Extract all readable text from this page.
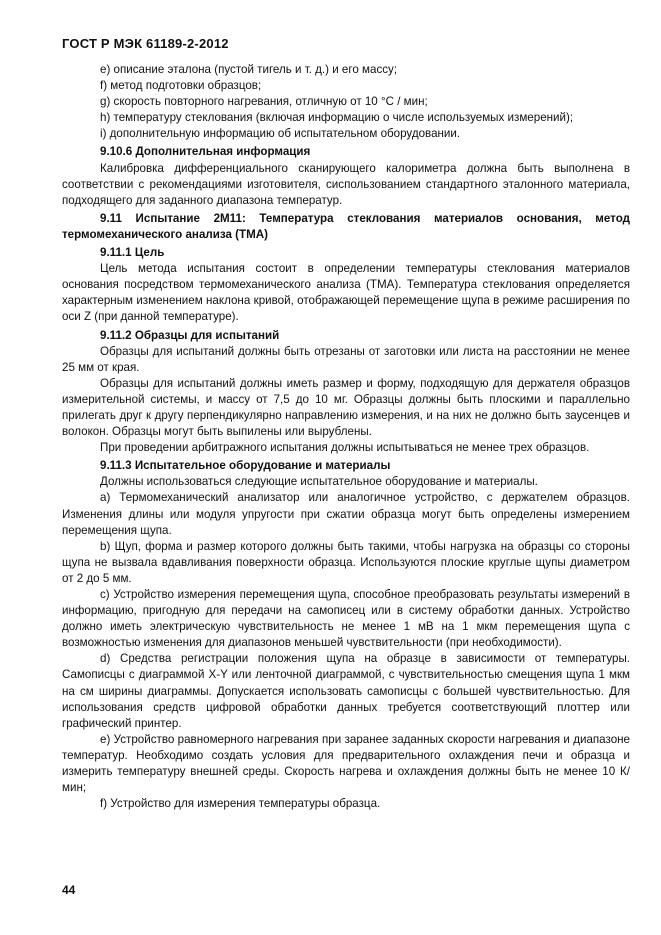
ГОСТ Р МЭК 61189-2-2012

е) описание эталона (пустой тигель и т. д.) и его массу;

f) метод подготовки образцов;

g) скорость повторного нагревания, отличную от 10 °С / мин;

h) температуру стеклования (включая информацию о числе используемых измерений);

i) дополнительную информацию об испытательном оборудовании.

9.10.6 Дополнительная информация

Калибровка дифференциального сканирующего калориметра должна быть выполнена в соответствии с рекомендациями изготовителя, сиспользованием стандартного эталонного материала, подходящего для заданного диапазона температур.

9.11 Испытание 2М11: Температура стеклования материалов основания, метод термомеханического анализа (ТМА)

9.11.1 Цель

Цель метода испытания состоит в определении температуры стеклования материалов основания посредством термомеханического анализа (ТМА). Температура стеклования определяется характерным изменением наклона кривой, отображающей перемещение щупа в режиме расширения по оси Z (при данной температуре).

9.11.2 Образцы для испытаний

Образцы для испытаний должны быть отрезаны от заготовки или листа на расстоянии не менее 25 мм от края.

Образцы для испытаний должны иметь размер и форму, подходящую для держателя образцов измерительной системы, и массу от 7,5 до 10 мг. Образцы должны быть плоскими и параллельно прилегать друг к другу перпендикулярно направлению измерения, и на них не должно быть заусенцев и волокон. Образцы могут быть выпилены или вырублены.

При проведении арбитражного испытания должны испытываться не менее трех образцов.

9.11.3 Испытательное оборудование и материалы

Должны использоваться следующие испытательное оборудование и материалы.

а) Термомеханический анализатор или аналогичное устройство, с держателем образцов. Изменения длины или модуля упругости при сжатии образца могут быть определены измерением перемещения щупа.

b) Щуп, форма и размер которого должны быть такими, чтобы нагрузка на образцы со стороны щупа не вызвала вдавливания поверхности образца. Используются плоские круглые щупы диаметром от 2 до 5 мм.

с) Устройство измерения перемещения щупа, способное преобразовать результаты измерений в информацию, пригодную для передачи на самописец или в систему обработки данных. Устройство должно иметь электрическую чувствительность не менее 1 мВ на 1 мкм перемещения щупа с возможностью изменения для диапазонов меньшей чувствительности (при необходимости).

d) Средства регистрации положения щупа на образце в зависимости от температуры. Самописцы с диаграммой X-Y или ленточной диаграммой, с чувствительностью смещения щупа 1 мкм на см ширины диаграммы. Допускается использовать самописцы с большей чувствительностью. Для использования средств цифровой обработки данных требуется соответствующий плоттер или графический принтер.

е) Устройство равномерного нагревания при заранее заданных скорости нагревания и диапазоне температур. Необходимо создать условия для предварительного охлаждения печи и образца и измерить температуру внешней среды. Скорость нагрева и охлаждения должны быть не менее 10 К/мин;

f) Устройство для измерения температуры образца.

44
